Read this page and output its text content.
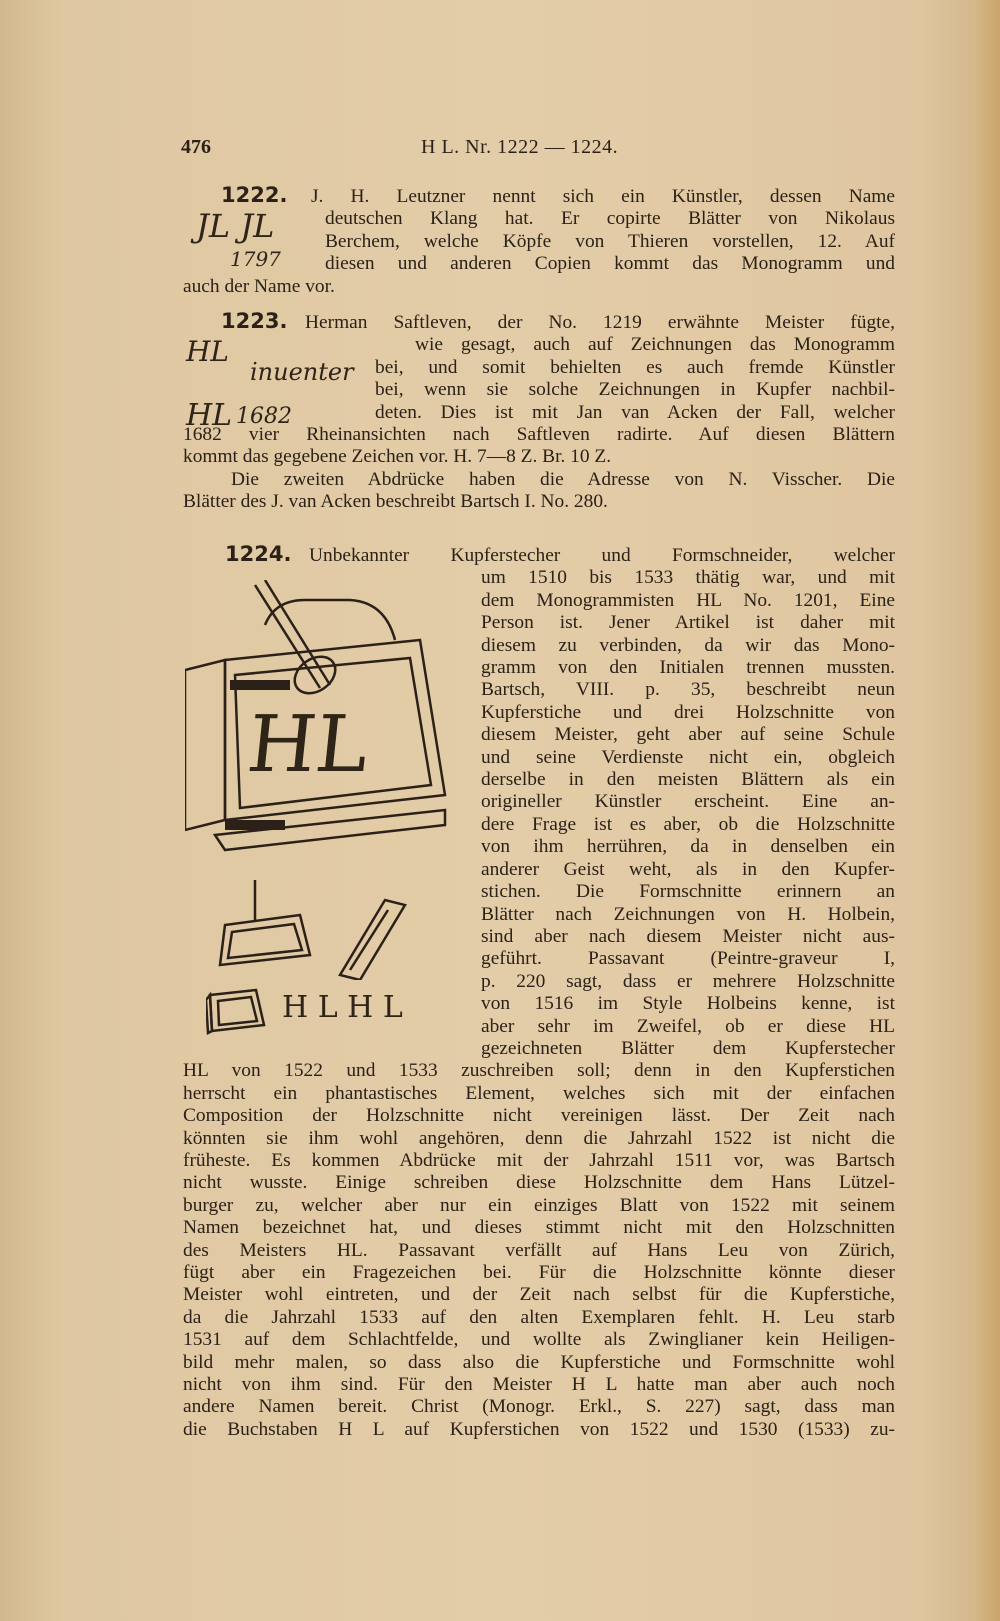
476	H L. Nr. 1222 — 1224.
1222.	J. H. Leutzner nennt sich ein Künstler, dessen Name
deutschen Klang hat. Er copirte Blätter von Nikolaus
Berchem, welche Köpfe von Thieren vorstellen, 12. Auf
diesen und anderen Copien kommt das Monogramm und
auch der Name vor.
JL JL
1797
1223. Herman Saftleven, der No. 1219 erwähnte Meister fügte,
wie gesagt, auch auf Zeichnungen das Monogramm
bei, und somit behielten es auch fremde Künstler
bei, wenn sie solche Zeichnungen in Kupfer nachbil-
deten. Dies ist mit Jan van Acken der Fall, welcher
1682 vier Rheinansichten nach Saftleven radirte. Auf diesen Blättern
kommt das gegebene Zeichen vor. H. 7—8 Z. Br. 10 Z.
Die zweiten Abdrücke haben die Adresse von N. Visscher. Die
Blätter des J. van Acken beschreibt Bartsch I. No. 280.
HL
inuenter
HL 1682
1224. Unbekannter Kupferstecher und Formschneider, welcher
um 1510 bis 1533 thätig war, und mit
dem Monogrammisten HL No. 1201, Eine
Person ist. Jener Artikel ist daher mit
diesem zu verbinden, da wir das Mono-
gramm von den Initialen trennen mussten.
Bartsch, VIII. p. 35, beschreibt neun
Kupferstiche und drei Holzschnitte von
diesem Meister, geht aber auf seine Schule
und seine Verdienste nicht ein, obgleich
derselbe in den meisten Blättern als ein
origineller Künstler erscheint. Eine an-
dere Frage ist es aber, ob die Holzschnitte
von ihm herrühren, da in denselben ein
anderer Geist weht, als in den Kupfer-
stichen. Die Formschnitte erinnern an
Blätter nach Zeichnungen von H. Holbein,
sind aber nach diesem Meister nicht aus-
geführt. Passavant (Peintre-graveur I,
p. 220 sagt, dass er mehrere Holzschnitte
von 1516 im Style Holbeins kenne, ist
aber sehr im Zweifel, ob er diese HL
gezeichneten Blätter dem Kupferstecher
HL von 1522 und 1533 zuschreiben soll; denn in den Kupferstichen
herrscht ein phantastisches Element, welches sich mit der einfachen
Composition der Holzschnitte nicht vereinigen lässt. Der Zeit nach
könnten sie ihm wohl angehören, denn die Jahrzahl 1522 ist nicht die
früheste. Es kommen Abdrücke mit der Jahrzahl 1511 vor, was Bartsch
nicht wusste. Einige schreiben diese Holzschnitte dem Hans Lützel-
burger zu, welcher aber nur ein einziges Blatt von 1522 mit seinem
Namen bezeichnet hat, und dieses stimmt nicht mit den Holzschnitten
des Meisters HL. Passavant verfällt auf Hans Leu von Zürich,
fügt aber ein Fragezeichen bei. Für die Holzschnitte könnte dieser
Meister wohl eintreten, und der Zeit nach selbst für die Kupferstiche,
da die Jahrzahl 1533 auf den alten Exemplaren fehlt. H. Leu starb
1531 auf dem Schlachtfelde, und wollte als Zwinglianer kein Heiligen-
bild mehr malen, so dass also die Kupferstiche und Formschnitte wohl
nicht von ihm sind. Für den Meister H L hatte man aber auch noch
andere Namen bereit. Christ (Monogr. Erkl., S. 227) sagt, dass man
die Buchstaben H L auf Kupferstichen von 1522 und 1530 (1533) zu-
HL
H L H L
